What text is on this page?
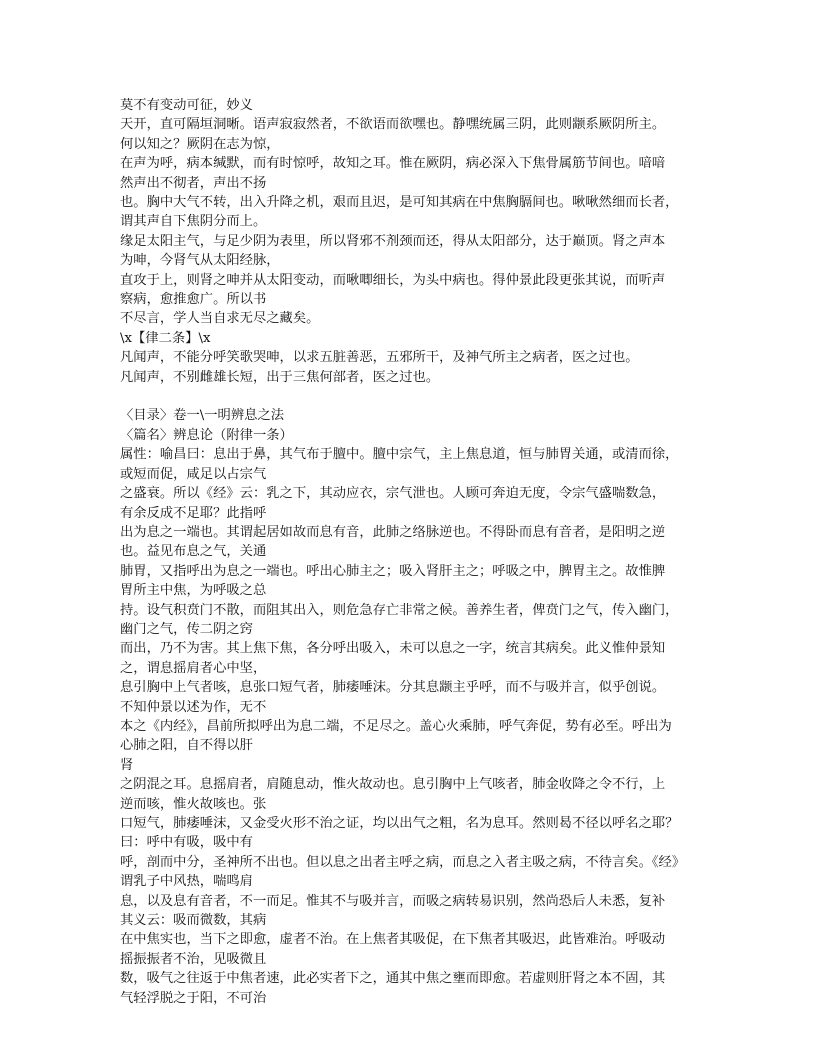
莫不有变动可征，妙义
天开，直可隔垣洞晰。语声寂寂然者，不欲语而欲嘿也。静嘿统属三阴，此则颛系厥阴所主。
何以知之？厥阴在志为惊，
在声为呼，病本缄默，而有时惊呼，故知之耳。惟在厥阴，病必深入下焦骨属筋节间也。喑喑
然声出不彻者，声出不扬
也。胸中大气不转，出入升降之机，艰而且迟，是可知其病在中焦胸膈间也。啾啾然细而长者，
谓其声自下焦阴分而上。
缘足太阳主气，与足少阴为表里，所以肾邪不剂颈而还，得从太阳部分，达于巅顶。肾之声本
为呻，今肾气从太阳经脉，
直攻于上，则肾之呻并从太阳变动，而啾唧细长，为头中病也。得仲景此段更张其说，而听声
察病，愈推愈广。所以书
不尽言，学人当自求无尽之藏矣。
\x【律二条】\x
凡闻声，不能分呼笑歌哭呻，以求五脏善恶，五邪所干，及神气所主之病者，医之过也。
凡闻声，不别雌雄长短，出于三焦何部者，医之过也。
〈目录〉卷一\一明辨息之法
〈篇名〉辨息论（附律一条）
属性：喻昌曰：息出于鼻，其气布于膻中。膻中宗气，主上焦息道，恒与肺胃关通，或清而徐，
或短而促，咸足以占宗气
之盛衰。所以《经》云：乳之下，其动应衣，宗气泄也。人顾可奔迫无度，令宗气盛喘数急，
有余反成不足耶？此指呼
出为息之一端也。其谓起居如故而息有音，此肺之络脉逆也。不得卧而息有音者，是阳明之逆
也。益见布息之气，关通
肺胃，又指呼出为息之一端也。呼出心肺主之；吸入肾肝主之；呼吸之中，脾胃主之。故惟脾
胃所主中焦，为呼吸之总
持。设气积贲门不散，而阻其出入，则危急存亡非常之候。善养生者，俾贲门之气，传入幽门，
幽门之气，传二阴之窍
而出，乃不为害。其上焦下焦，各分呼出吸入，未可以息之一字，统言其病矣。此义惟仲景知
之，谓息摇肩者心中坚，
息引胸中上气者咳，息张口短气者，肺痿唾沫。分其息颛主乎呼，而不与吸并言，似乎创说。
不知仲景以述为作，无不
本之《内经》，昌前所拟呼出为息二端，不足尽之。盖心火乘肺，呼气奔促，势有必至。呼出为
心肺之阳，自不得以肝
肾
之阴混之耳。息摇肩者，肩随息动，惟火故动也。息引胸中上气咳者，肺金收降之令不行，上
逆而咳，惟火故咳也。张
口短气，肺痿唾沫，又金受火形不治之证，均以出气之粗，名为息耳。然则曷不径以呼名之耶？
曰：呼中有吸，吸中有
呼，剖而中分，圣神所不出也。但以息之出者主呼之病，而息之入者主吸之病，不待言矣。《经》
谓乳子中风热，喘鸣肩
息，以及息有音者，不一而足。惟其不与吸并言，而吸之病转易识别，然尚恐后人未悉，复补
其义云：吸而微数，其病
在中焦实也，当下之即愈，虚者不治。在上焦者其吸促，在下焦者其吸迟，此皆难治。呼吸动
摇振振者不治，见吸微且
数，吸气之往返于中焦者速，此必实者下之，通其中焦之壅而即愈。若虚则肝肾之本不固，其
气轻浮脱之于阳，不可治
